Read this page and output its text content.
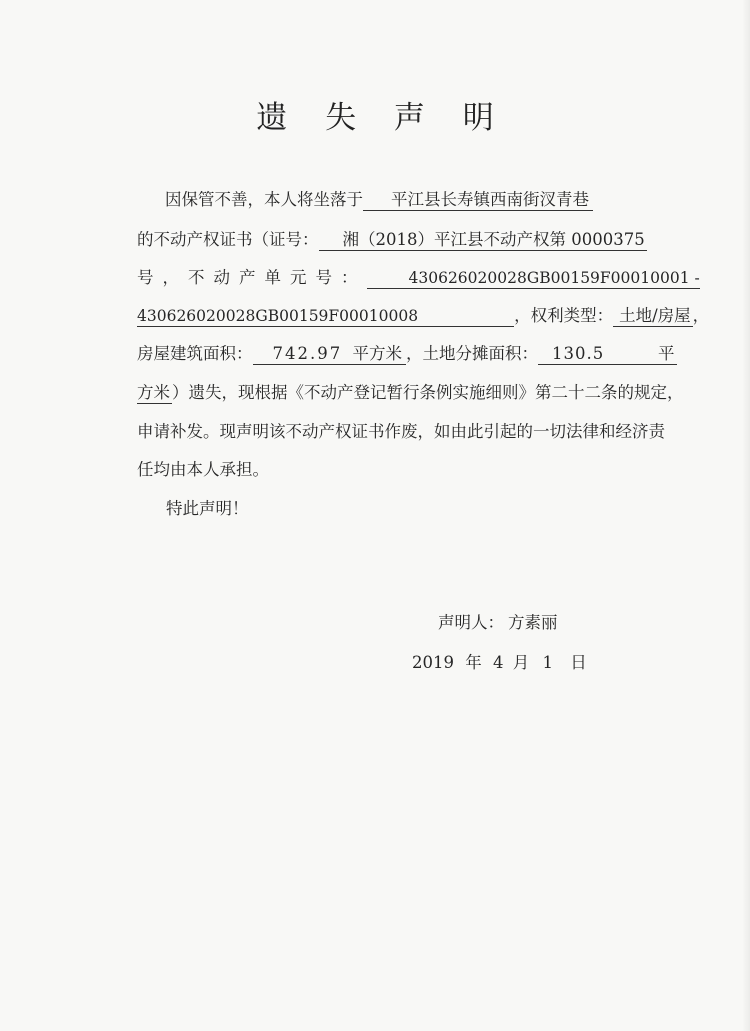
遗 失 声 明
因保管不善，本人将坐落于 平江县长寿镇西南街汊青巷
的不动产权证书（证号： 湘（2018）平江县不动产权第 0000375
号，不动产单元号：	430626020028GB00159F00010001 -
430626020028GB00159F00010008	，权利类型： 土地/房屋 ，
房屋建筑面积： 742.97 平方米 ，土地分摊面积： 130.5	平
方米 ）遗失，现根据《不动产登记暂行条例实施细则》第二十二条的规定，
申请补发。现声明该不动产权证书作废，如由此引起的一切法律和经济责
任均由本人承担。
特此声明！
声明人： 方素丽
2019 年 4 月 1 日
